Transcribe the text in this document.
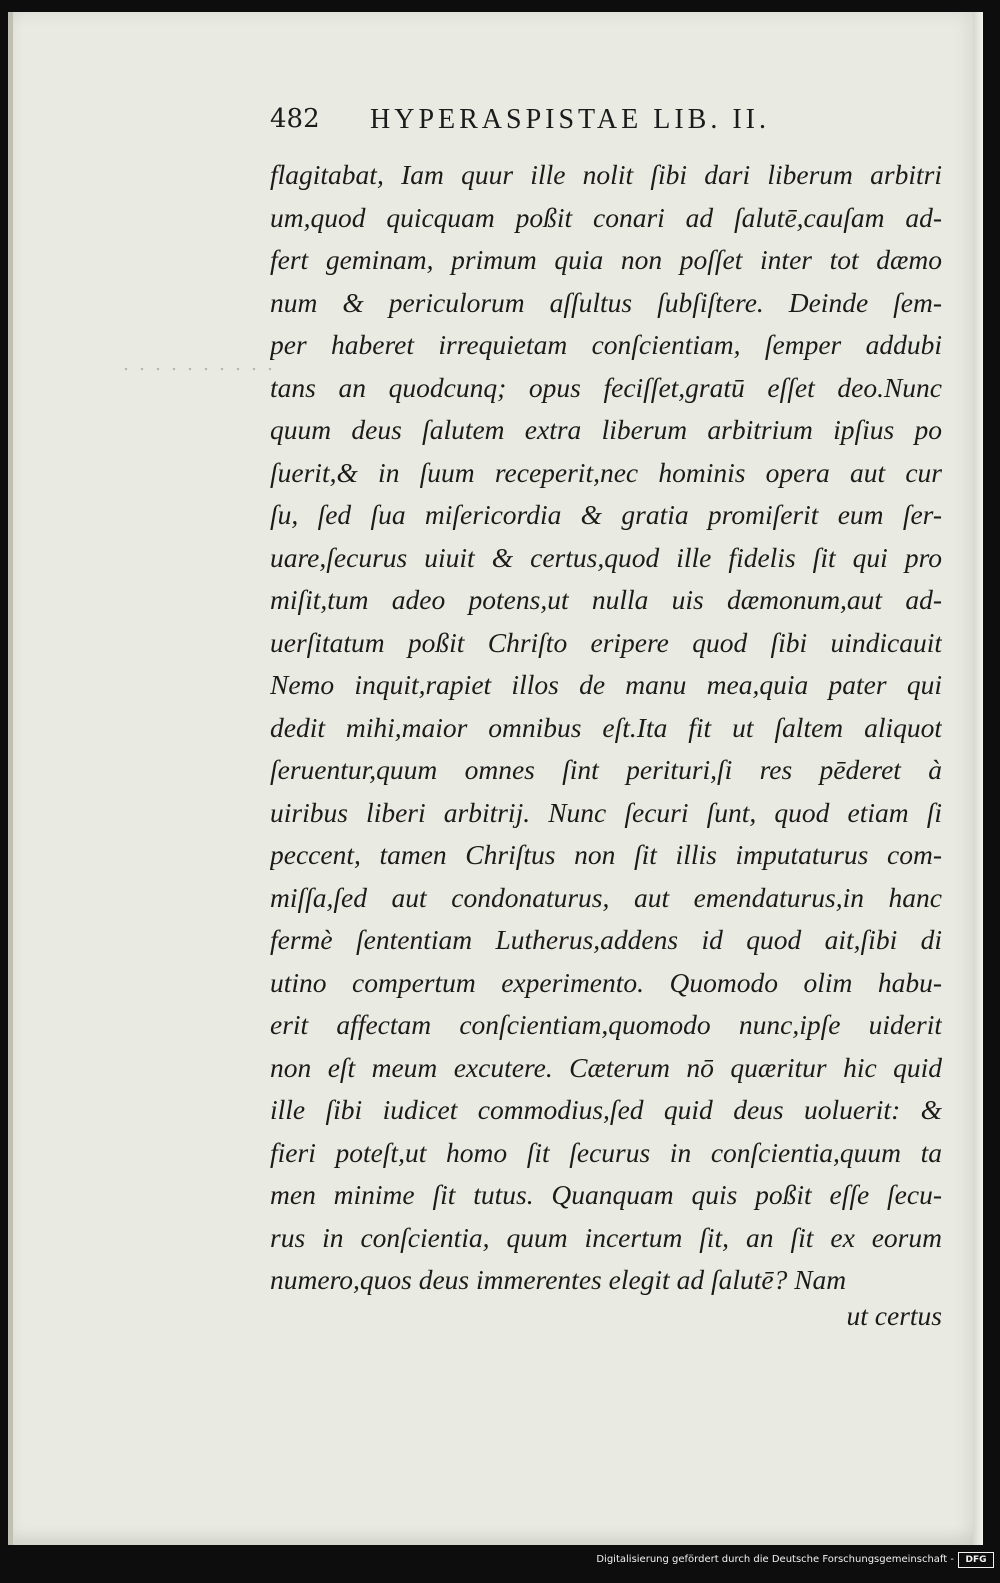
482 HYPERASPISTAE LIB. II.
flagitabat, Iam quur ille nolit ſibi dari liberum arbitri
um,quod quicquam poßit conari ad ſalutē,cauſam ad-
fert geminam, primum quia non poſſet inter tot dæmo
num & periculorum aſſultus ſubſiſtere. Deinde ſem-
per haberet irrequietam conſcientiam, ſemper addubi
tans an quodcunq; opus feciſſet,gratū eſſet deo.Nunc
quum deus ſalutem extra liberum arbitrium ipſius po
ſuerit,& in ſuum receperit,nec hominis opera aut cur
ſu, ſed ſua miſericordia & gratia promiſerit eum ſer-
uare,ſecurus uiuit & certus,quod ille fidelis ſit qui pro
miſit,tum adeo potens,ut nulla uis dæmonum,aut ad-
uerſitatum poßit Chriſto eripere quod ſibi uindicauit
Nemo inquit,rapiet illos de manu mea,quia pater qui
dedit mihi,maior omnibus eſt.Ita fit ut ſaltem aliquot
ſeruentur,quum omnes ſint perituri,ſi res pēderet à
uiribus liberi arbitrij. Nunc ſecuri ſunt, quod etiam ſi
peccent, tamen Chriſtus non ſit illis imputaturus com-
miſſa,ſed aut condonaturus, aut emendaturus,in hanc
fermè ſententiam Lutherus,addens id quod ait,ſibi di
utino compertum experimento. Quomodo olim habu-
erit affectam conſcientiam,quomodo nunc,ipſe uiderit
non eſt meum excutere. Cæterum nō quæritur hic quid
ille ſibi iudicet commodius,ſed quid deus uoluerit: &
fieri poteſt,ut homo ſit ſecurus in conſcientia,quum ta
men minime ſit tutus. Quanquam quis poßit eſſe ſecu-
rus in conſcientia, quum incertum ſit, an ſit ex eorum
numero,quos deus immerentes elegit ad ſalutē? Nam
ut certus
Digitalisierung gefördert durch die Deutsche Forschungsgemeinschaft -	DFG
